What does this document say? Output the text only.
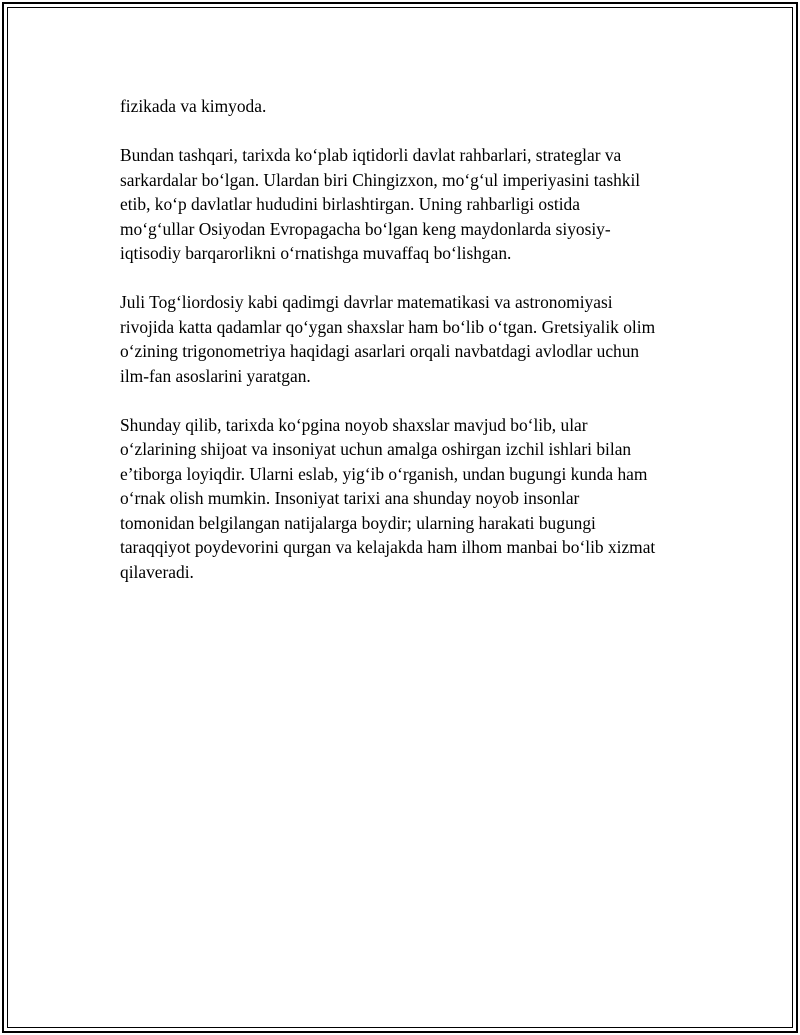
fizikada va kimyoda.

Bundan tashqari, tarixda ko‘plab iqtidorli davlat rahbarlari, strateglar va
sarkardalar bo‘lgan. Ulardan biri Chingizxon, mo‘g‘ul imperiyasini tashkil
etib, ko‘p davlatlar hududini birlashtirgan. Uning rahbarligi ostida
mo‘g‘ullar Osiyodan Evropagacha bo‘lgan keng maydonlarda siyosiy-
iqtisodiy barqarorlikni o‘rnatishga muvaffaq bo‘lishgan.

Juli Tog‘liordosiy kabi qadimgi davrlar matematikasi va astronomiyasi
rivojida katta qadamlar qo‘ygan shaxslar ham bo‘lib o‘tgan. Gretsiyalik olim
o‘zining trigonometriya haqidagi asarlari orqali navbatdagi avlodlar uchun
ilm-fan asoslarini yaratgan.

Shunday qilib, tarixda ko‘pgina noyob shaxslar mavjud bo‘lib, ular
o‘zlarining shijoat va insoniyat uchun amalga oshirgan izchil ishlari bilan
e’tiborga loyiqdir. Ularni eslab, yig‘ib o‘rganish, undan bugungi kunda ham
o‘rnak olish mumkin. Insoniyat tarixi ana shunday noyob insonlar
tomonidan belgilangan natijalarga boydir; ularning harakati bugungi
taraqqiyot poydevorini qurgan va kelajakda ham ilhom manbai bo‘lib xizmat
qilaveradi.
